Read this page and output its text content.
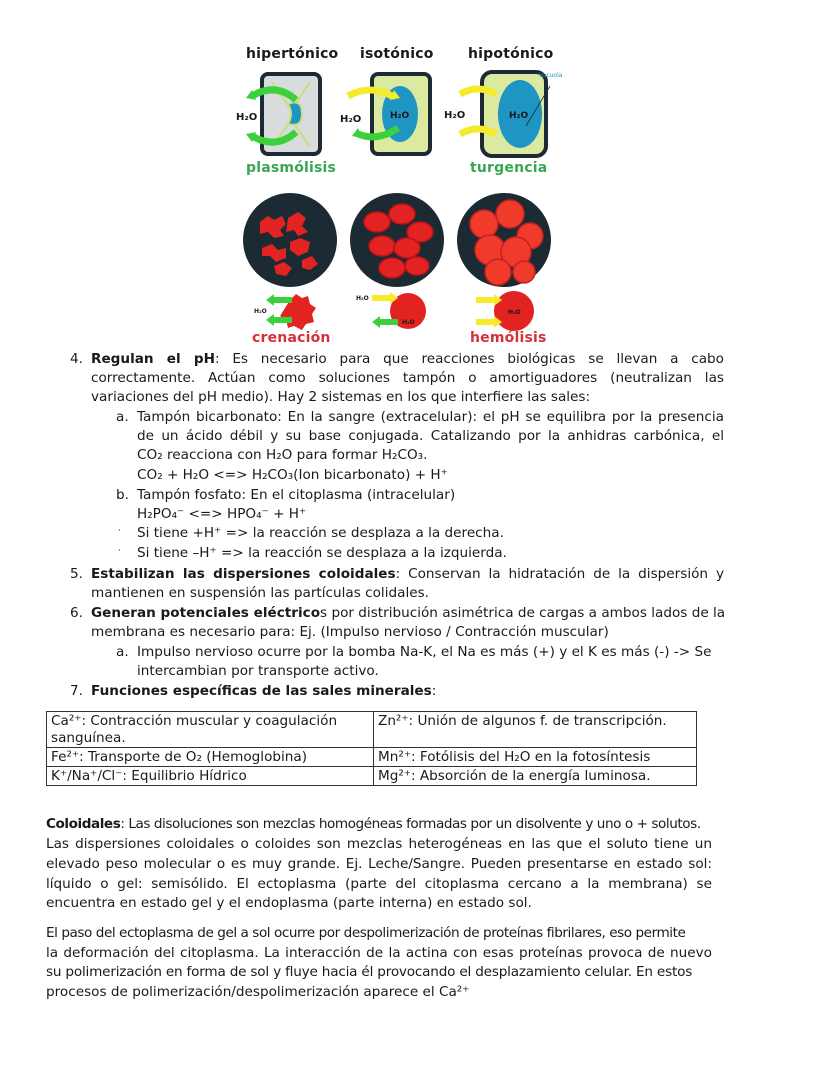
H₂O	H₂O
H₂O	H₂O
H₂O
H₂O
H₂O
H₂O
H₂O
hipertónico isotónico hipotónico
Vacuola
plasmólisis	turgencia
crenación	hemólisis
4. Regulan el pH: Es necesario para que reacciones biológicas se llevan a cabo
correctamente. Actúan como soluciones tampón o amortiguadores (neutralizan las
variaciones del pH medio). Hay 2 sistemas en los que interfiere las sales:
a. Tampón bicarbonato: En la sangre (extracelular): el pH se equilibra por la presencia
de un ácido débil y su base conjugada. Catalizando por la anhidras carbónica, el
CO₂ reacciona con H₂O para formar H₂CO₃.
CO₂ + H₂O <=> H₂CO₃(Ion bicarbonato) + H⁺
b. Tampón fosfato: En el citoplasma (intracelular)
H₂PO₄⁻ <=> HPO₄⁻ + H⁺
· Si tiene +H⁺ => la reacción se desplaza a la derecha.
· Si tiene –H⁺ => la reacción se desplaza a la izquierda.
5. Estabilizan las dispersiones coloidales: Conservan la hidratación de la dispersión y
mantienen en suspensión las partículas colidales.
6. Generan potenciales eléctricos por distribución asimétrica de cargas a ambos lados de la
membrana es necesario para: Ej. (Impulso nervioso / Contracción muscular)
a. Impulso nervioso ocurre por la bomba Na-K, el Na es más (+) y el K es más (-) -> Se
intercambian por transporte activo.
7. Funciones específicas de las sales minerales:
Ca²⁺: Contracción muscular y coagulación sanguínea.	Zn²⁺: Unión de algunos f. de transcripción.
Fe²⁺: Transporte de O₂ (Hemoglobina)	Mn²⁺: Fotólisis del H₂O en la fotosíntesis
K⁺/Na⁺/Cl⁻: Equilibrio Hídrico	Mg²⁺: Absorción de la energía luminosa.
Coloidales: Las disoluciones son mezclas homogéneas formadas por un disolvente y uno o + solutos.
Las dispersiones coloidales o coloides son mezclas heterogéneas en las que el soluto tiene un
elevado peso molecular o es muy grande. Ej. Leche/Sangre. Pueden presentarse en estado sol:
líquido o gel: semisólido. El ectoplasma (parte del citoplasma cercano a la membrana) se
encuentra en estado gel y el endoplasma (parte interna) en estado sol.
El paso del ectoplasma de gel a sol ocurre por despolimerización de proteínas fibrilares, eso permite
la deformación del citoplasma. La interacción de la actina con esas proteínas provoca de nuevo
su polimerización en forma de sol y fluye hacia él provocando el desplazamiento celular. En estos
procesos de polimerización/despolimerización aparece el Ca²⁺
